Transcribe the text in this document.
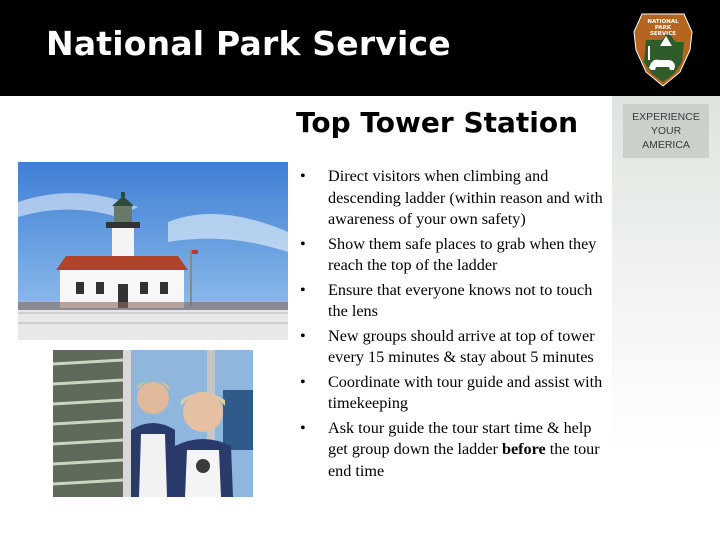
National Park Service
NATIONAL
PARK
SERVICE
EXPERIENCE
YOUR
AMERICA
Top Tower Station
• Direct visitors when climbing and descending ladder (within reason and with awareness of your own safety)
• Show them safe places to grab when they reach the top of the ladder
• Ensure that everyone knows not to touch the lens
• New groups should arrive at top of tower every 15 minutes & stay about 5 minutes
• Coordinate with tour guide and assist with timekeeping
• Ask tour guide the tour start time & help get group down the ladder before the tour end time
